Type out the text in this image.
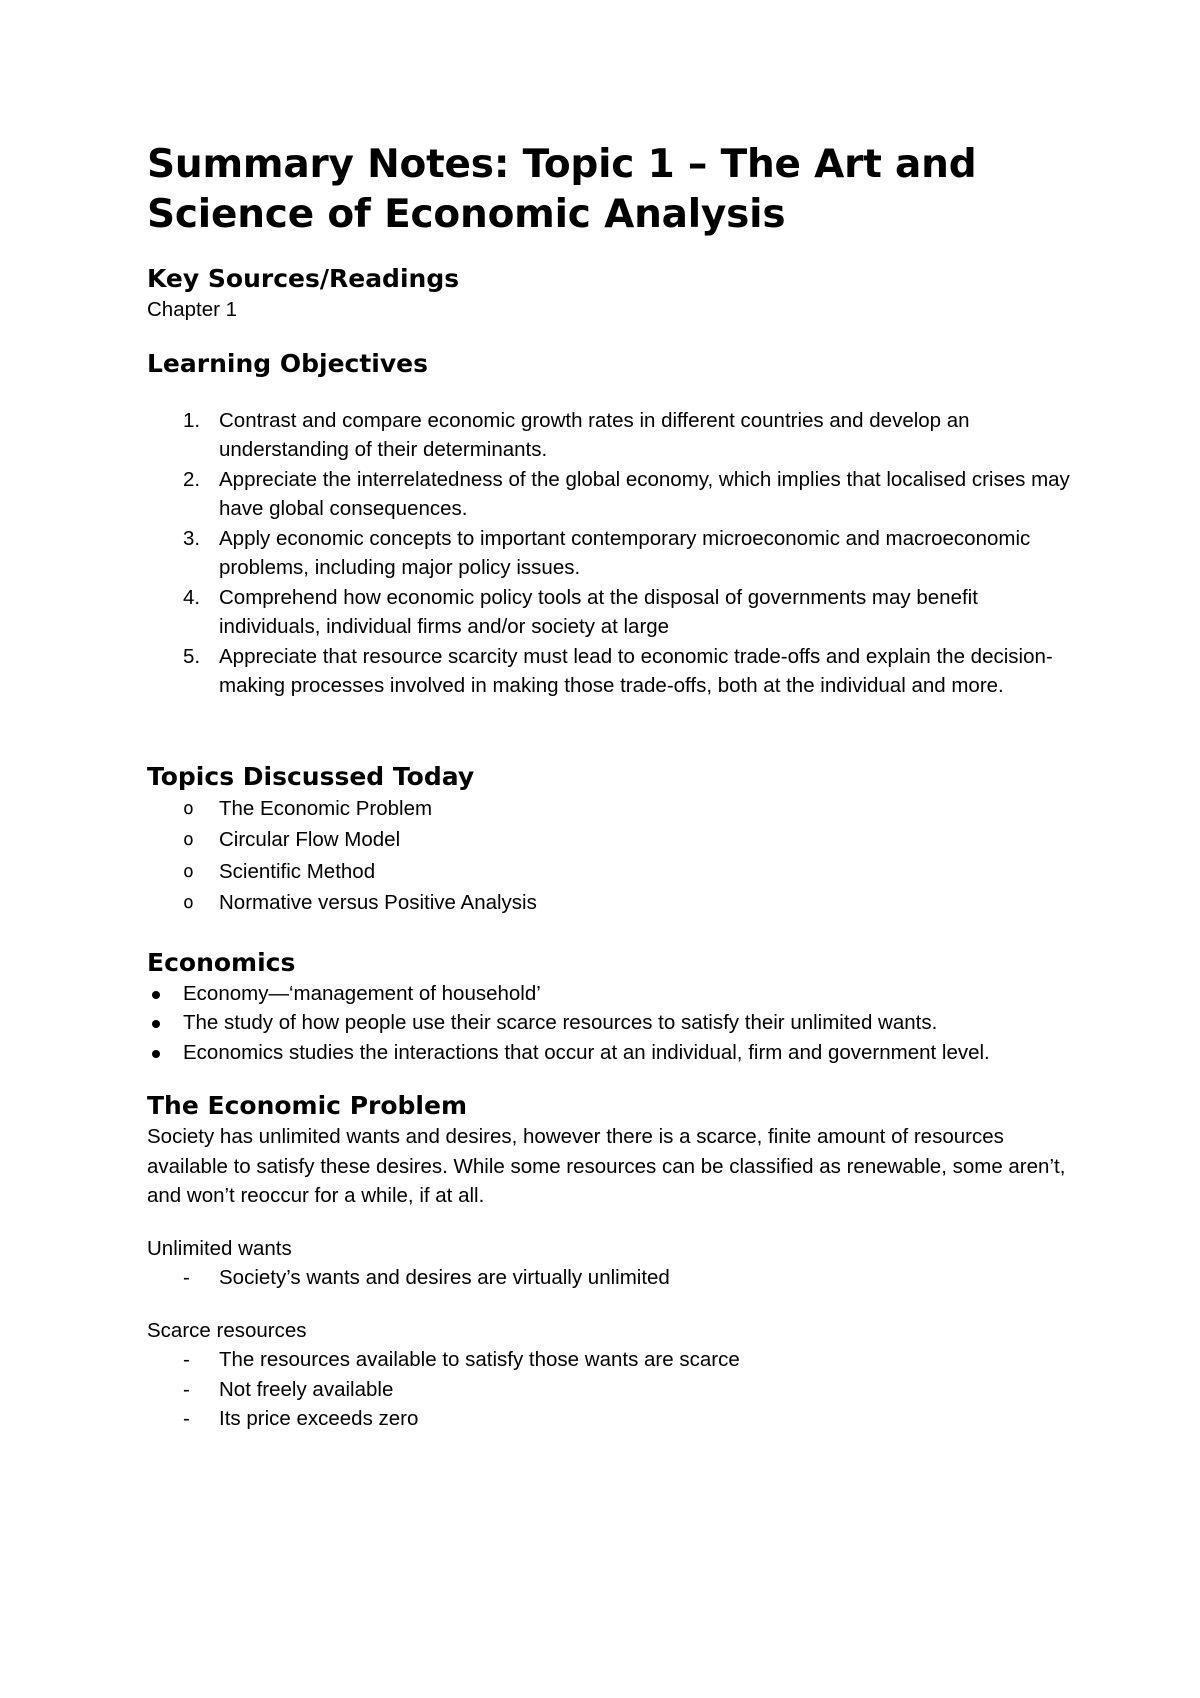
Summary Notes: Topic 1 – The Art and Science of Economic Analysis
Key Sources/Readings

Chapter 1

Learning Objectives
1. Contrast and compare economic growth rates in different countries and develop an understanding of their determinants.
2. Appreciate the interrelatedness of the global economy, which implies that localised crises may have global consequences.
3. Apply economic concepts to important contemporary microeconomic and macroeconomic problems, including major policy issues.
4. Comprehend how economic policy tools at the disposal of governments may benefit individuals, individual firms and/or society at large
5. Appreciate that resource scarcity must lead to economic trade-offs and explain the decision-making processes involved in making those trade-offs, both at the individual and more.
Topics Discussed Today
o The Economic Problem
o Circular Flow Model
o Scientific Method
o Normative versus Positive Analysis
Economics
Economy—‘management of household’
The study of how people use their scarce resources to satisfy their unlimited wants.
Economics studies the interactions that occur at an individual, firm and government level.
The Economic Problem

Society has unlimited wants and desires, however there is a scarce, finite amount of resources available to satisfy these desires. While some resources can be classified as renewable, some aren’t, and won’t reoccur for a while, if at all.

Unlimited wants

- Society’s wants and desires are virtually unlimited

Scarce resources

- The resources available to satisfy those wants are scarce
- Not freely available
- Its price exceeds zero
